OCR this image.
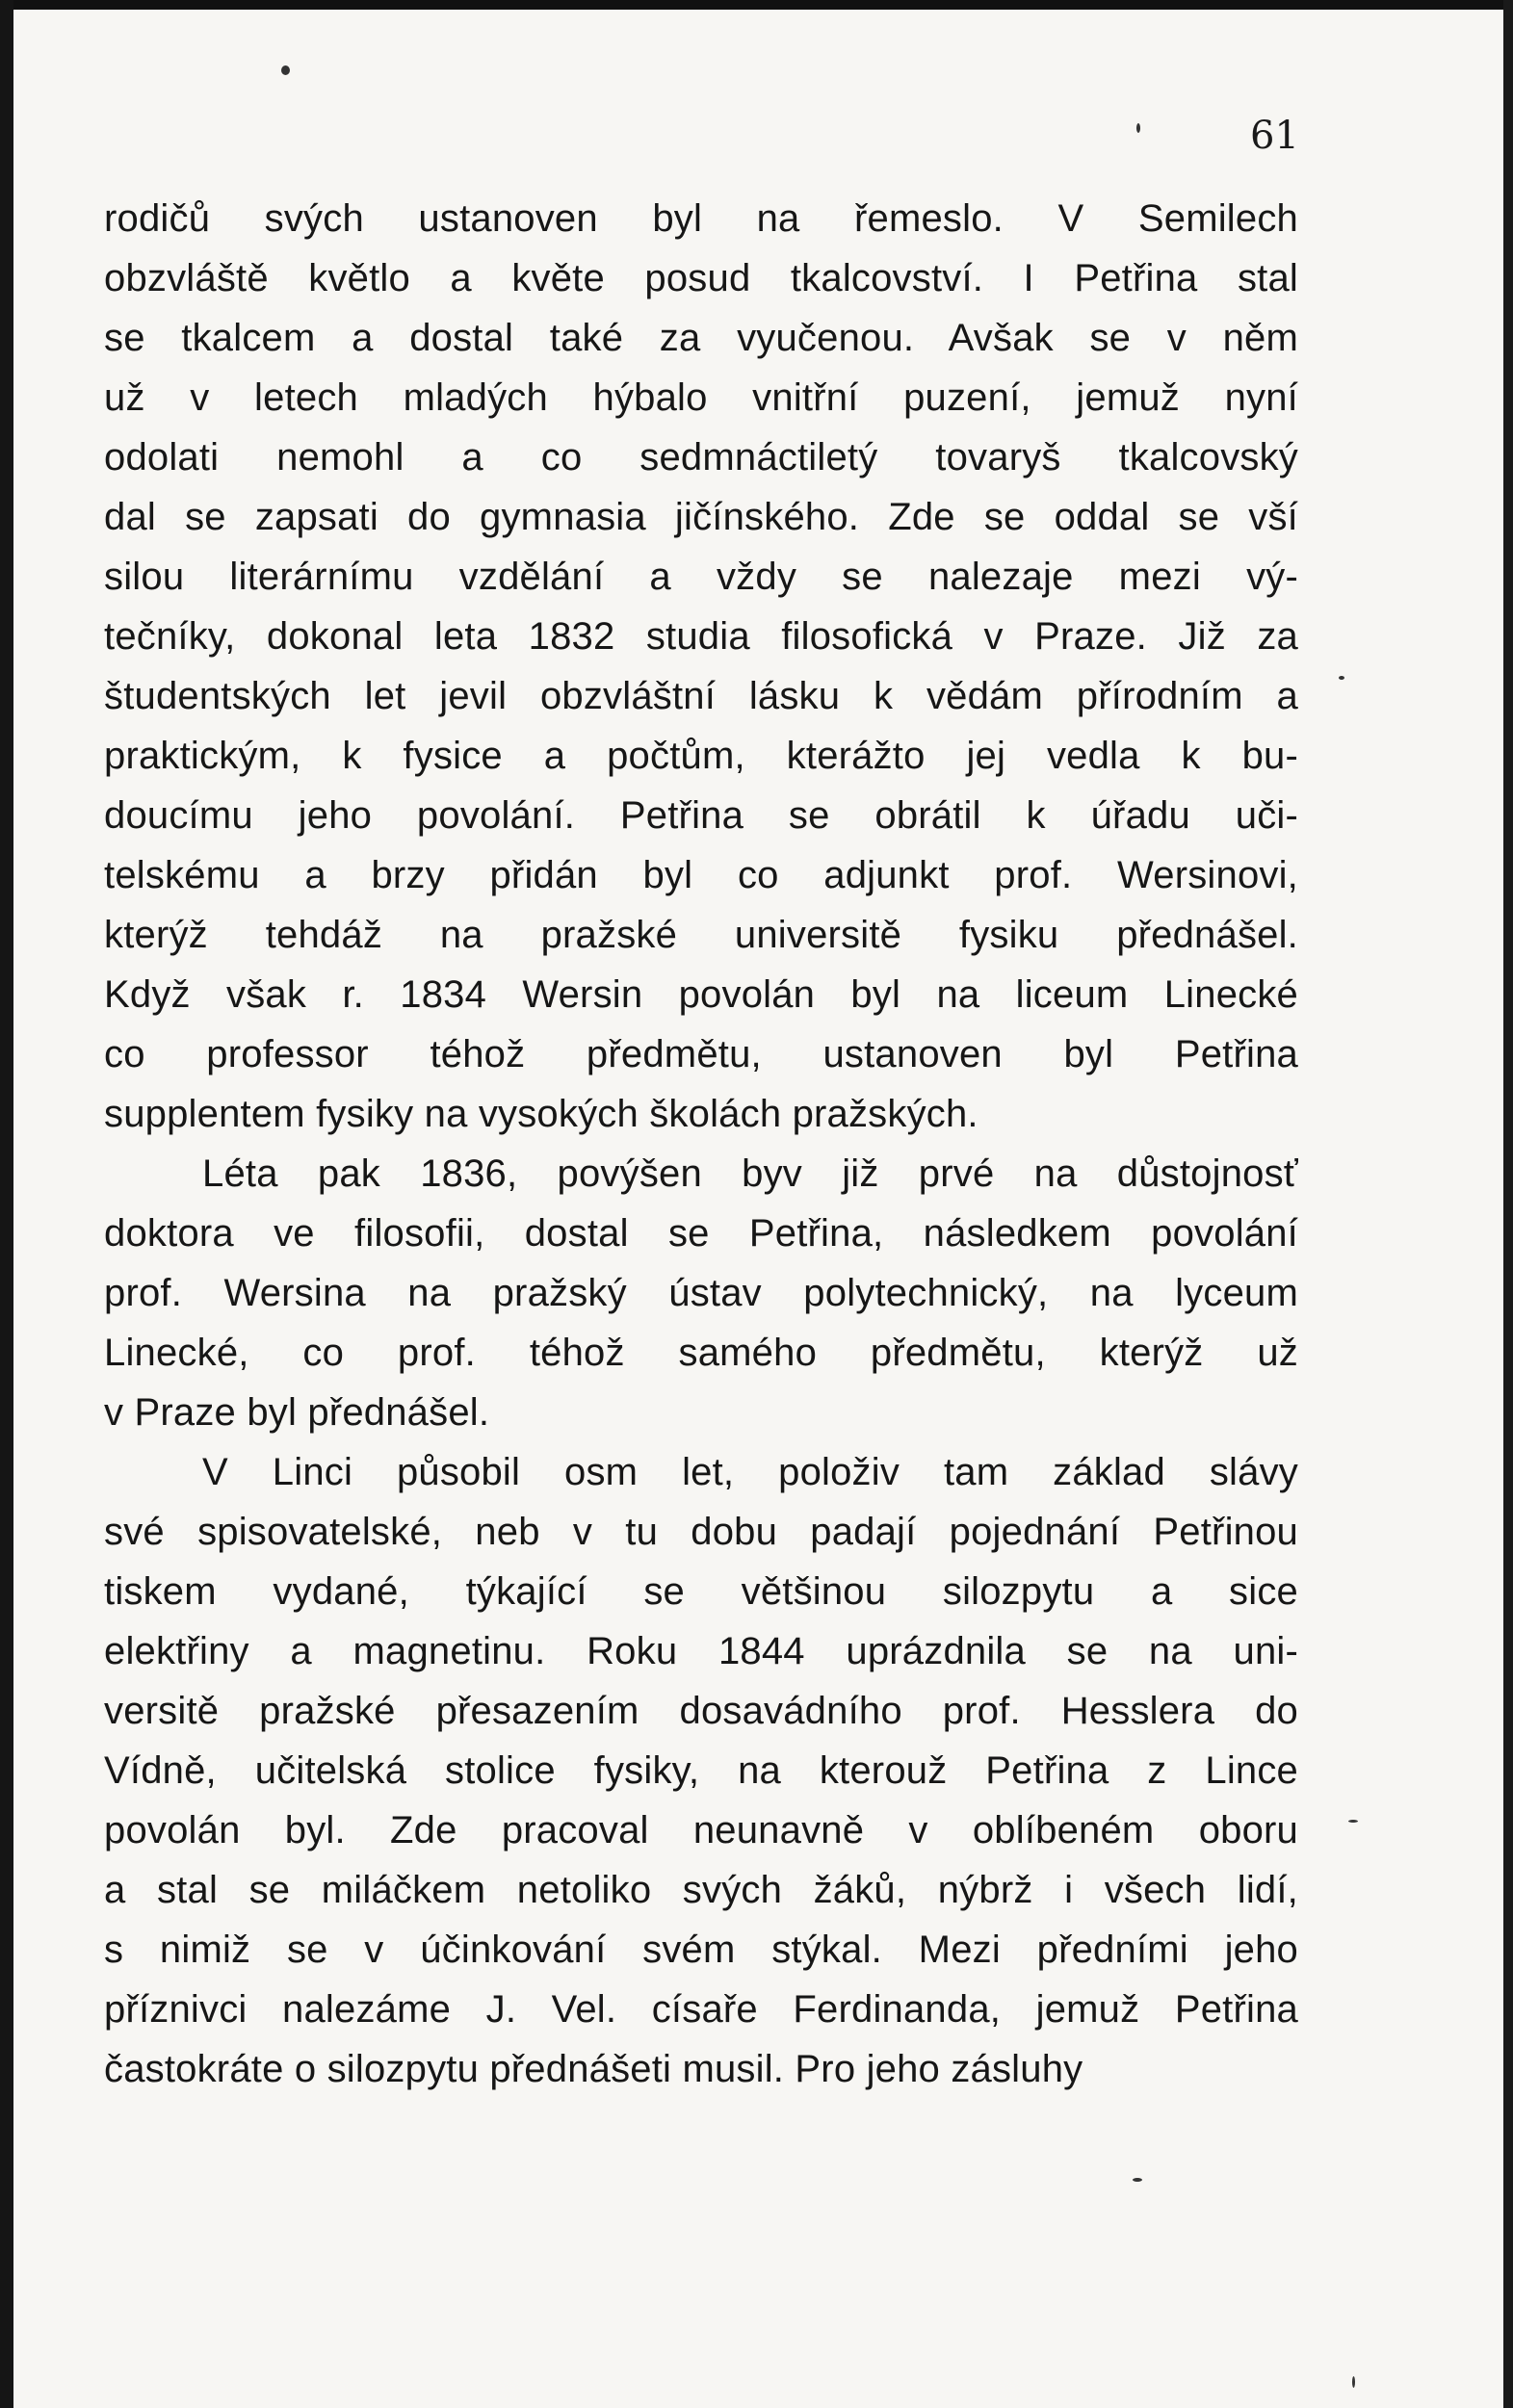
61
rodičů svých ustanoven byl na řemeslo. V Semilech
obzvláště květlo a květe posud tkalcovství. I Petřina stal
se tkalcem a dostal také za vyučenou. Avšak se v něm
už v letech mladých hýbalo vnitřní puzení, jemuž nyní
odolati nemohl a co sedmnáctiletý tovaryš tkalcovský
dal se zapsati do gymnasia jičínského. Zde se oddal se vší
silou literárnímu vzdělání a vždy se nalezaje mezi vý-
tečníky, dokonal leta 1832 studia filosofická v Praze. Již za
študentských let jevil obzvláštní lásku k vědám přírodním a
praktickým, k fysice a počtům, kterážto jej vedla k bu-
doucímu jeho povolání. Petřina se obrátil k úřadu uči-
telskému a brzy přidán byl co adjunkt prof. Wersinovi,
kterýž tehdáž na pražské universitě fysiku přednášel.
Když však r. 1834 Wersin povolán byl na liceum Linecké
co professor téhož předmětu, ustanoven byl Petřina
supplentem fysiky na vysokých školách pražských.
Léta pak 1836, povýšen byv již prvé na důstojnosť
doktora ve filosofii, dostal se Petřina, následkem povolání
prof. Wersina na pražský ústav polytechnický, na lyceum
Linecké, co prof. téhož samého předmětu, kterýž už
v Praze byl přednášel.
V Linci působil osm let, položiv tam základ slávy
své spisovatelské, neb v tu dobu padají pojednání Petřinou
tiskem vydané, týkající se většinou silozpytu a sice
elektřiny a magnetinu. Roku 1844 uprázdnila se na uni-
versitě pražské přesazením dosavádního prof. Hesslera do
Vídně, učitelská stolice fysiky, na kterouž Petřina z Lince
povolán byl. Zde pracoval neunavně v oblíbeném oboru
a stal se miláčkem netoliko svých žáků, nýbrž i všech lidí,
s nimiž se v účinkování svém stýkal. Mezi předními jeho
příznivci nalezáme J. Vel. císaře Ferdinanda, jemuž Petřina
častokráte o silozpytu přednášeti musil. Pro jeho zásluhy
